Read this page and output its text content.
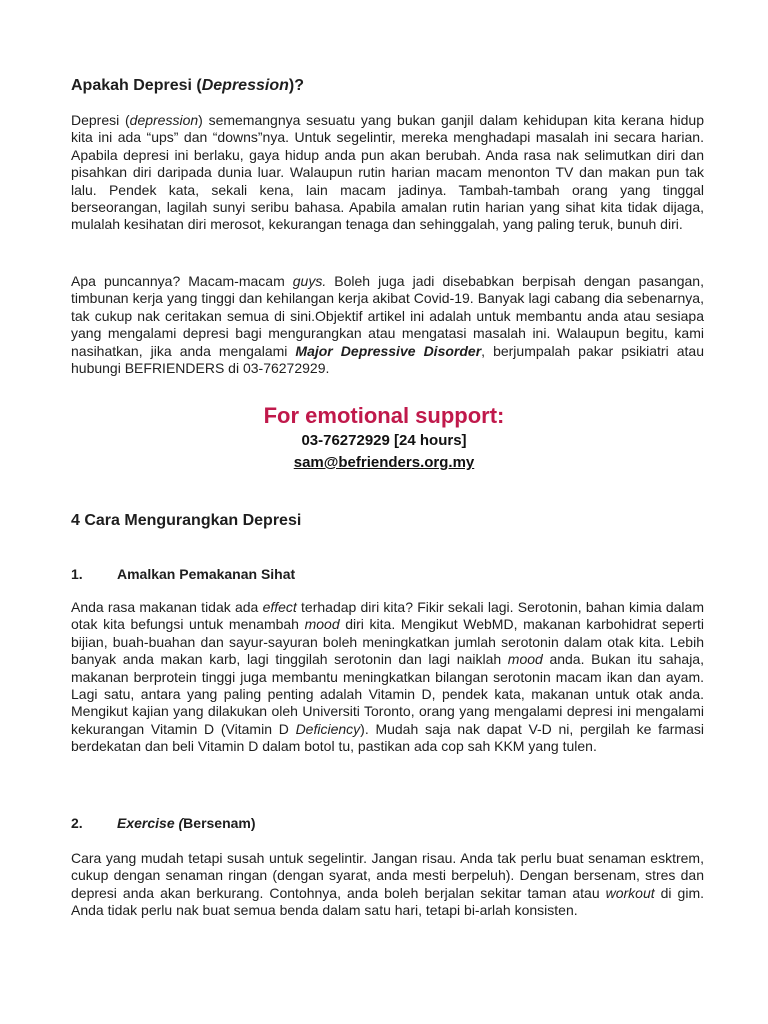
Apakah Depresi (Depression)?

Depresi (depression) sememangnya sesuatu yang bukan ganjil dalam kehidupan kita kerana hidup kita ini ada “ups” dan “downs”nya. Untuk segelintir, mereka menghadapi masalah ini secara harian. Apabila depresi ini berlaku, gaya hidup anda pun akan berubah. Anda rasa nak selimutkan diri dan pisahkan diri daripada dunia luar. Walaupun rutin harian macam menonton TV dan makan pun tak lalu. Pendek kata, sekali kena, lain macam jadinya. Tambah-tambah orang yang tinggal berseorangan, lagilah sunyi seribu bahasa. Apabila amalan rutin harian yang sihat kita tidak dijaga, mulalah kesihatan diri merosot, kekurangan tenaga dan sehinggalah, yang paling teruk, bunuh diri.

Apa puncannya? Macam-macam guys. Boleh juga jadi disebabkan berpisah dengan pasangan, timbunan kerja yang tinggi dan kehilangan kerja akibat Covid-19. Banyak lagi cabang dia sebenarnya, tak cukup nak ceritakan semua di sini.Objektif artikel ini adalah untuk membantu anda atau sesiapa yang mengalami depresi bagi mengurangkan atau mengatasi masalah ini. Walaupun begitu, kami nasihatkan, jika anda mengalami Major Depressive Disorder, berjumpalah pakar psikiatri atau hubungi BEFRIENDERS di 03-76272929.

For emotional support:
03-76272929 [24 hours]
sam@befrienders.org.my
4 Cara Mengurangkan Depresi
1.	Amalkan Pemakanan Sihat

Anda rasa makanan tidak ada effect terhadap diri kita? Fikir sekali lagi. Serotonin, bahan kimia dalam otak kita befungsi untuk menambah mood diri kita. Mengikut WebMD, makanan karbohidrat seperti bijian, buah-buahan dan sayur-sayuran boleh meningkatkan jumlah serotonin dalam otak kita. Lebih banyak anda makan karb, lagi tinggilah serotonin dan lagi naiklah mood anda. Bukan itu sahaja, makanan berprotein tinggi juga membantu meningkatkan bilangan serotonin macam ikan dan ayam. Lagi satu, antara yang paling penting adalah Vitamin D, pendek kata, makanan untuk otak anda. Mengikut kajian yang dilakukan oleh Universiti Toronto, orang yang mengalami depresi ini mengalami kekurangan Vitamin D (Vitamin D Deficiency). Mudah saja nak dapat V-D ni, pergilah ke farmasi berdekatan dan beli Vitamin D dalam botol tu, pastikan ada cop sah KKM yang tulen.

2.	Exercise (Bersenam)

Cara yang mudah tetapi susah untuk segelintir. Jangan risau. Anda tak perlu buat senaman esktrem, cukup dengan senaman ringan (dengan syarat, anda mesti berpeluh). Dengan bersenam, stres dan depresi anda akan berkurang. Contohnya, anda boleh berjalan sekitar taman atau workout di gim. Anda tidak perlu nak buat semua benda dalam satu hari, tetapi bi-arlah konsisten.
